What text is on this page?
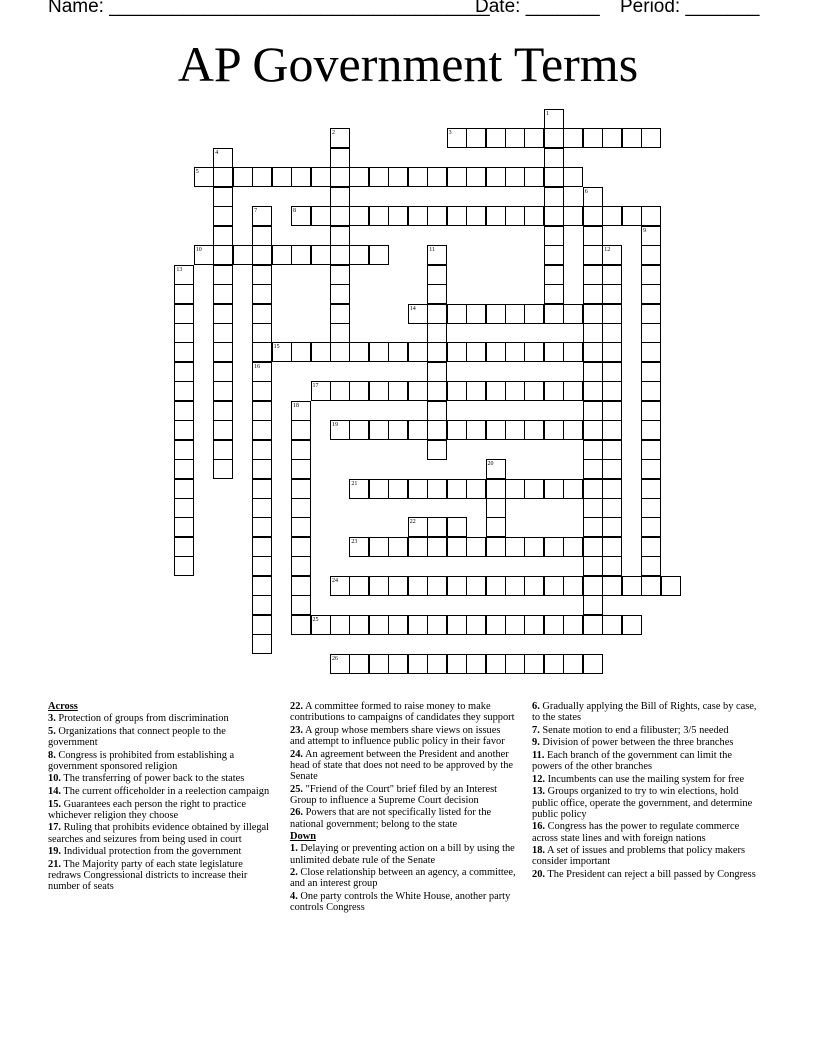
Name: ____________________________________
Date: _______ Period: _______
AP Government Terms
1
2	3
4
5
6
7	8
9
10	11	12
13
14
15
16
17
18
19
20
21
22
23
24
25
26
Across
3. Protection of groups from discrimination
5. Organizations that connect people to the government
8. Congress is prohibited from establishing a government sponsored religion
10. The transferring of power back to the states
14. The current officeholder in a reelection campaign
15. Guarantees each person the right to practice whichever religion they choose
17. Ruling that prohibits evidence obtained by illegal searches and seizures from being used in court
19. Individual protection from the government
21. The Majority party of each state legislature redraws Congressional districts to increase their number of seats
22. A committee formed to raise money to make contributions to campaigns of candidates they support
23. A group whose members share views on issues and attempt to influence public policy in their favor
24. An agreement between the President and another head of state that does not need to be approved by the Senate
25. "Friend of the Court" brief filed by an Interest Group to influence a Supreme Court decision
26. Powers that are not specifically listed for the national government; belong to the state
Down
1. Delaying or preventing action on a bill by using the unlimited debate rule of the Senate
2. Close relationship between an agency, a committee, and an interest group
4. One party controls the White House, another party controls Congress
6. Gradually applying the Bill of Rights, case by case, to the states
7. Senate motion to end a filibuster; 3/5 needed
9. Division of power between the three branches
11. Each branch of the government can limit the powers of the other branches
12. Incumbents can use the mailing system for free
13. Groups organized to try to win elections, hold public office, operate the government, and determine public policy
16. Congress has the power to regulate commerce across state lines and with foreign nations
18. A set of issues and problems that policy makers consider important
20. The President can reject a bill passed by Congress
